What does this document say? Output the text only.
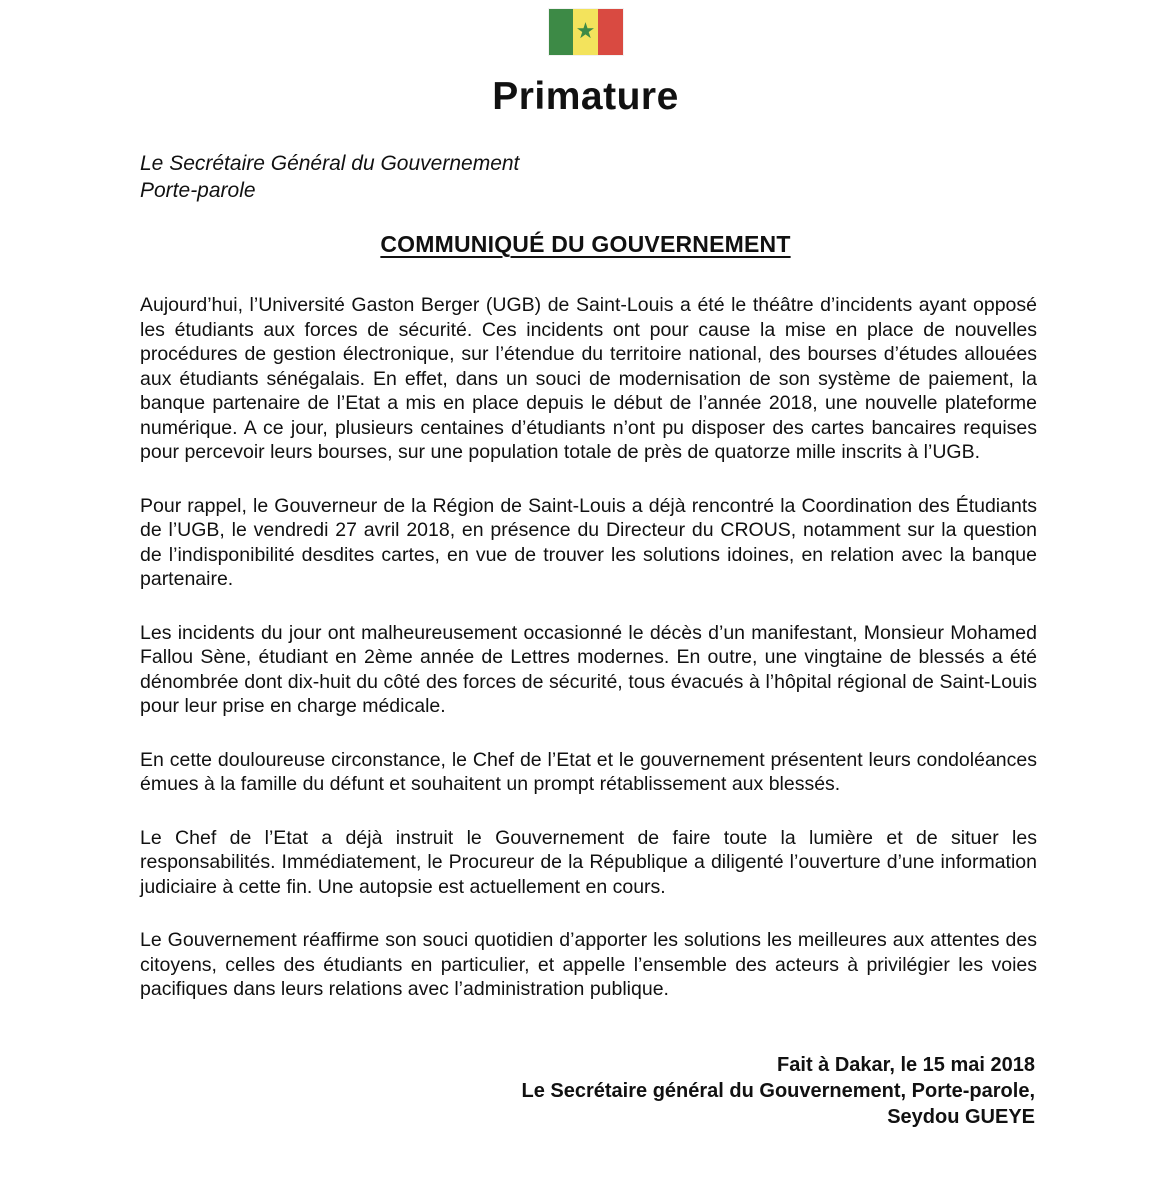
★
Primature
Le Secrétaire Général du Gouvernement
Porte-parole
COMMUNIQUÉ DU GOUVERNEMENT

Aujourd’hui, l’Université Gaston Berger (UGB) de Saint-Louis a été le théâtre d’incidents ayant opposé les étudiants aux forces de sécurité. Ces incidents ont pour cause la mise en place de nouvelles procédures de gestion électronique, sur l’étendue du territoire national, des bourses d’études allouées aux étudiants sénégalais. En effet, dans un souci de modernisation de son système de paiement, la banque partenaire de l’Etat a mis en place depuis le début de l’année 2018, une nouvelle plateforme numérique. A ce jour, plusieurs centaines d’étudiants n’ont pu disposer des cartes bancaires requises pour percevoir leurs bourses, sur une population totale de près de quatorze mille inscrits à l’UGB.

Pour rappel, le Gouverneur de la Région de Saint-Louis a déjà rencontré la Coordination des Étudiants de l’UGB, le vendredi 27 avril 2018, en présence du Directeur du CROUS, notamment sur la question de l’indisponibilité desdites cartes, en vue de trouver les solutions idoines, en relation avec la banque partenaire.

Les incidents du jour ont malheureusement occasionné le décès d’un manifestant, Monsieur Mohamed Fallou Sène, étudiant en 2ème année de Lettres modernes. En outre, une vingtaine de blessés a été dénombrée dont dix-huit du côté des forces de sécurité, tous évacués à l’hôpital régional de Saint-Louis pour leur prise en charge médicale.

En cette douloureuse circonstance, le Chef de l’Etat et le gouvernement présentent leurs condoléances émues à la famille du défunt et souhaitent un prompt rétablissement aux blessés.

Le Chef de l’Etat a déjà instruit le Gouvernement de faire toute la lumière et de situer les responsabilités. Immédiatement, le Procureur de la République a diligenté l’ouverture d’une information judiciaire à cette fin. Une autopsie est actuellement en cours.

Le Gouvernement réaffirme son souci quotidien d’apporter les solutions les meilleures aux attentes des citoyens, celles des étudiants en particulier, et appelle l’ensemble des acteurs à privilégier les voies pacifiques dans leurs relations avec l’administration publique.

Fait à Dakar, le 15 mai 2018
Le Secrétaire général du Gouvernement, Porte-parole,
Seydou GUEYE
